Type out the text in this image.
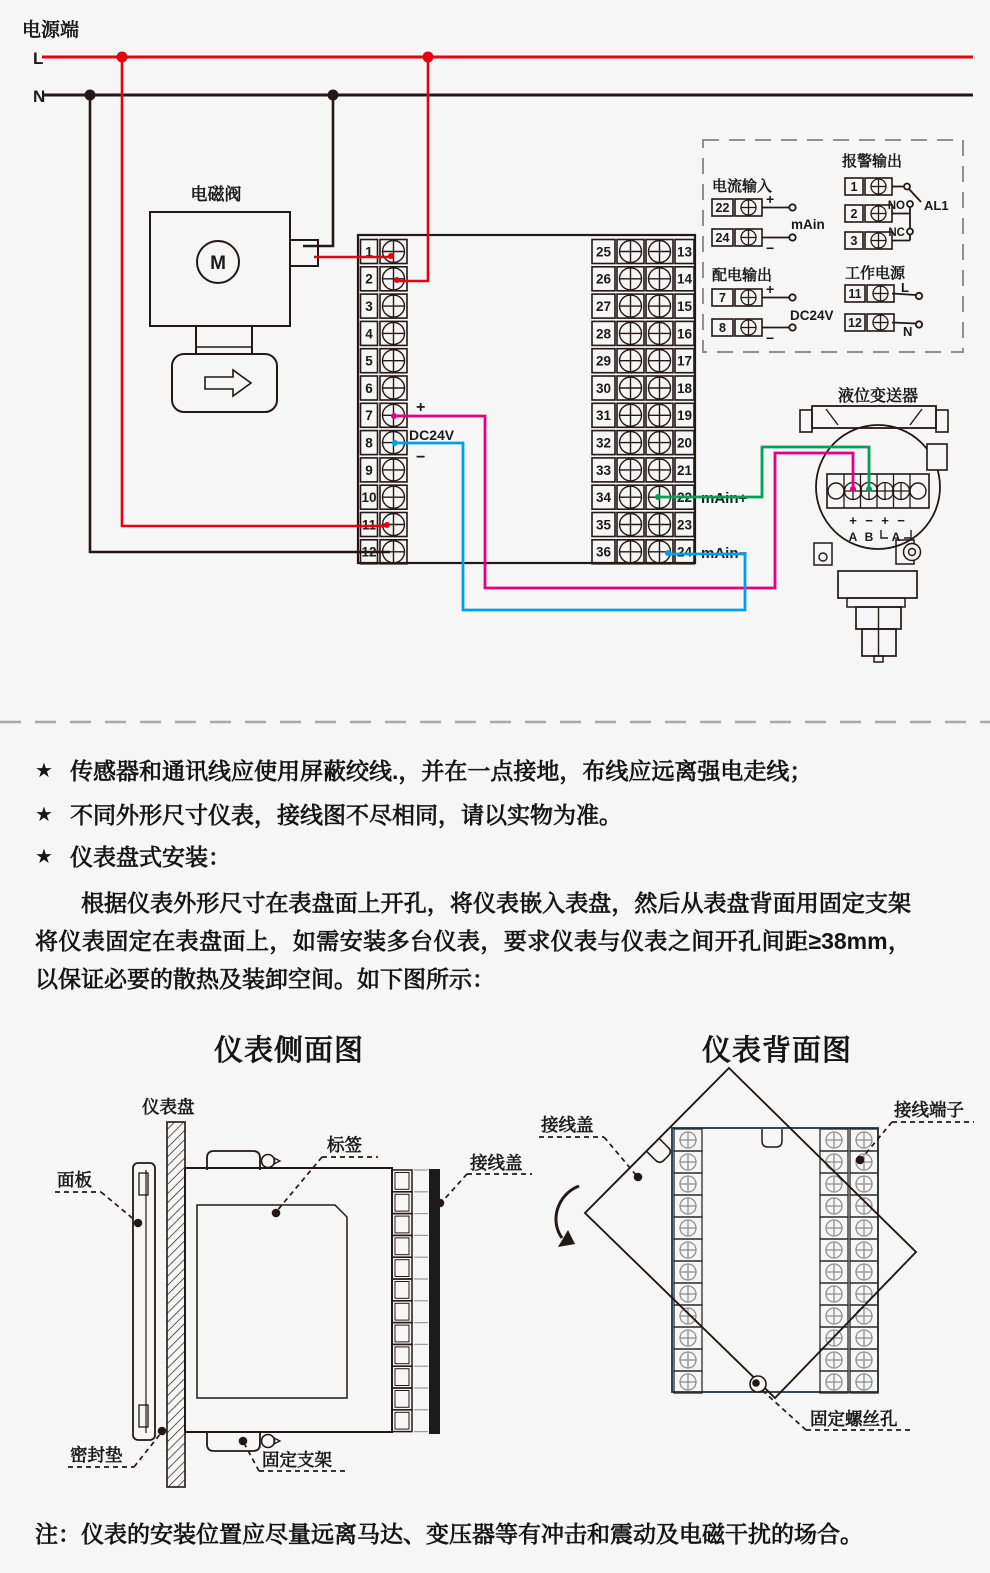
电源端
L
N
电磁阀
M
1	25	13
2	26	14
3	27	15
4	28	16
5	29	17
6	30	18
7	31	19
8	32	20
9	33	21
10	34	22
11	35	23
12	36	24
+
DC24V
−
mAin+
mAin−
电流输入
+
−
mAin
22
24
报警输出
NO
NC
AL1
1
2
3
配电输出
+
−
DC24V
7
8
工作电源
L
N
11
12
液位变送器
+ − + −
A B A
仪表盘
面板
标签
接线盖
密封垫	固定支架
接线盖
接线端子
固定螺丝孔
★ 传感器和通讯线应使用屏蔽绞线.，并在一点接地，布线应远离强电走线；
★ 不同外形尺寸仪表，接线图不尽相同，请以实物为准。
★ 仪表盘式安装：
根据仪表外形尺寸在表盘面上开孔，将仪表嵌入表盘，然后从表盘背面用固定支架将仪表固定在表盘面上，如需安装多台仪表，要求仪表与仪表之间开孔间距≥38mm，以保证必要的散热及装卸空间。如下图所示：
仪表侧面图	仪表背面图
注：仪表的安装位置应尽量远离马达、变压器等有冲击和震动及电磁干扰的场合。
